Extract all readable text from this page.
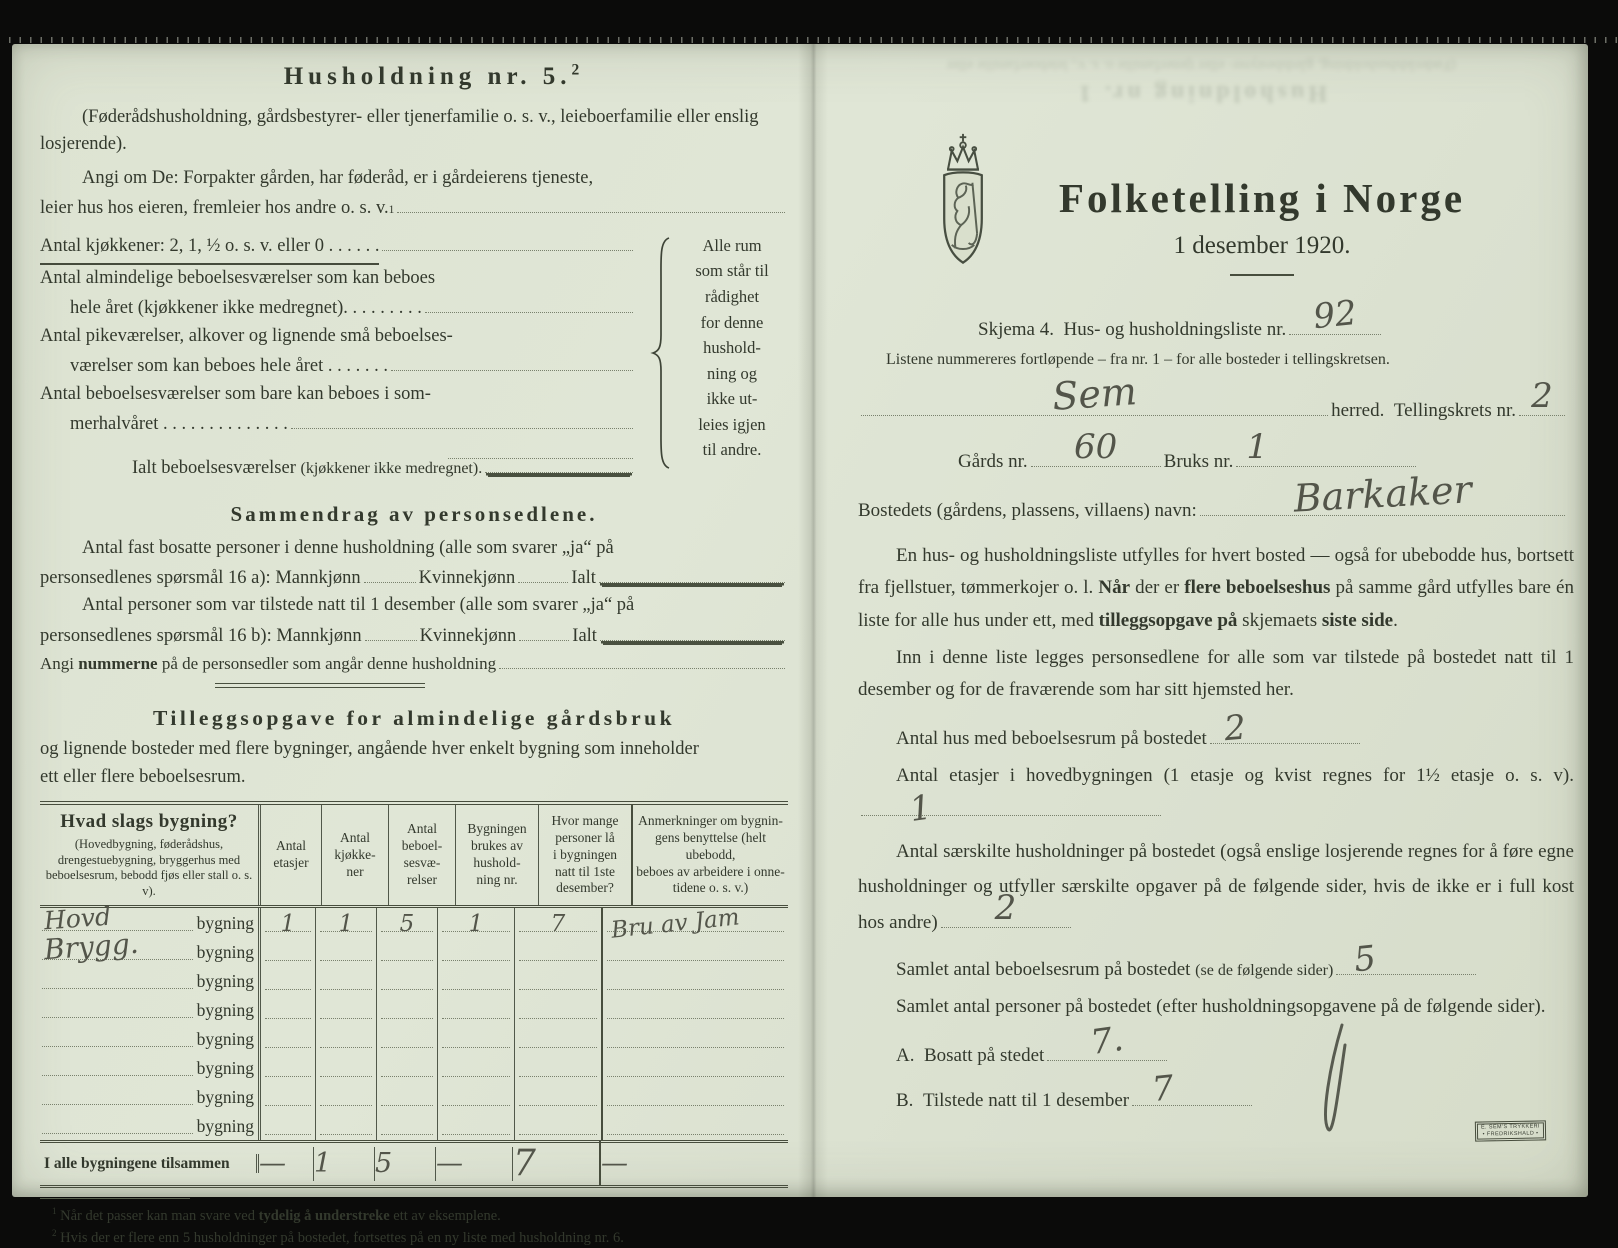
Husholdning nr. 5.$^2$
(Føderådshusholdning, gårdsbestyrer- eller tjenerfamilie o. s. v., leieboerfamilie eller enslig losjerende).
Angi om De: Forpakter gården, har føderåd, er i gårdeierens tjeneste,
leier hus hos eieren, fremleier hos andre o. s. v. 1
Antal kjøkkener: 2, 1, ½ o. s. v. eller 0 . . . . . .
Antal almindelige beboelsesværelser som kan beboes
hele året (kjøkkener ikke medregnet).
. . . . . . . .
Antal pikeværelser, alkover og lignende små beboelses-
værelser som kan beboes hele året
. . . . . . .
Antal beboelsesværelser som bare kan beboes i som-
merhalvåret
. . . . . . . . . . . . . .
Ialt beboelsesværelser
(kjøkkener ikke medregnet).
Alle rum
som står til
rådighet
for denne
hushold-
ning og
ikke ut-
leies igjen
til andre.
Sammendrag av personsedlene.
Antal fast bosatte personer i denne husholdning (alle som svarer „ja“ på
personsedlenes spørsmål 16 a):
Mannkjønn	Kvinnekjønn	Ialt
Antal personer som var tilstede natt til 1 desember (alle som svarer „ja“ på
personsedlenes spørsmål 16 b):
Mannkjønn	Kvinnekjønn	Ialt
Angi
nummerne
på de personsedler som angår denne husholdning
Tilleggsopgave for almindelige gårdsbruk
og lignende bosteder med flere bygninger, angående hver enkelt bygning som inneholder
ett eller flere beboelsesrum.
Hvad slags bygning?
(Hovedbygning, føderådshus, drengestuebygning, bryggerhus med beboelsesrum, bebodd fjøs eller stall o. s. v).
Antal
etasjer
Antal
kjøkke-
ner
Antal
beboel-
sesvæ-
relser
Bygningen
brukes av
hushold-
ning nr.
Hvor mange
personer lå
i bygningen
natt til 1ste
desember?
Anmerkninger om bygnin-
gens benyttelse (helt ubebodd,
beboes av arbeidere i onne-
tidene o. s. v.)
Hovd	bygning	1	1	5	1	7	Bru av Jam
Brygg.	bygning
bygning
bygning
bygning
bygning
bygning
bygning
I alle bygningene tilsammen	—	1	5	—	7	—
$^1$ Når det passer kan man svare ved tydelig å understreke ett av eksemplene.
$^2$ Hvis der er flere enn 5 husholdninger på bostedet, fortsettes på en ny liste med husholdning nr. 6.
Husholdning nr. 1
(Føderådshusholdning, gårdsbestyrer- eller tjenerfamilie o. s. v., leieboerfamilie eller
Folketelling i Norge
1 desember 1920.
Skjema 4.
Hus- og husholdningsliste nr. 92
Listene nummereres fortløpende – fra nr. 1 – for alle bosteder i tellingskretsen.
Sem	herred.
Tellingskrets nr. 2
Gårds nr.	60	Bruks nr. 1
Bostedets (gårdens, plassens, villaens) navn:	Barkaker
En hus- og husholdningsliste utfylles for hvert bosted — også for ubebodde hus, bortsett fra fjellstuer, tømmerkojer o. l. Når der er flere beboelseshus på samme gård utfylles bare én liste for alle hus under ett, med tilleggsopgave på skjemaets siste side.
Inn i denne liste legges personsedlene for alle som var tilstede på bostedet natt til 1 desember og for de fraværende som har sitt hjemsted her.
Antal hus med beboelsesrum på bostedet 2
Antal etasjer i hovedbygningen (1 etasje og kvist regnes for 1½ etasje o. s. v).
1
Antal særskilte husholdninger på bostedet (også enslige losjerende regnes for å føre egne husholdninger og utfyller særskilte opgaver på de følgende sider, hvis de ikke er i full kost hos andre)	2
Samlet antal beboelsesrum på bostedet
(se de følgende sider) 5
Samlet antal personer på bostedet (efter husholdningsopgavene på de følgende sider).
A.
Bosatt på stedet	7.
B.
Tilstede natt til 1 desember 7
E. SEM'S TRYKKERI
• FREDRIKSHALD •
